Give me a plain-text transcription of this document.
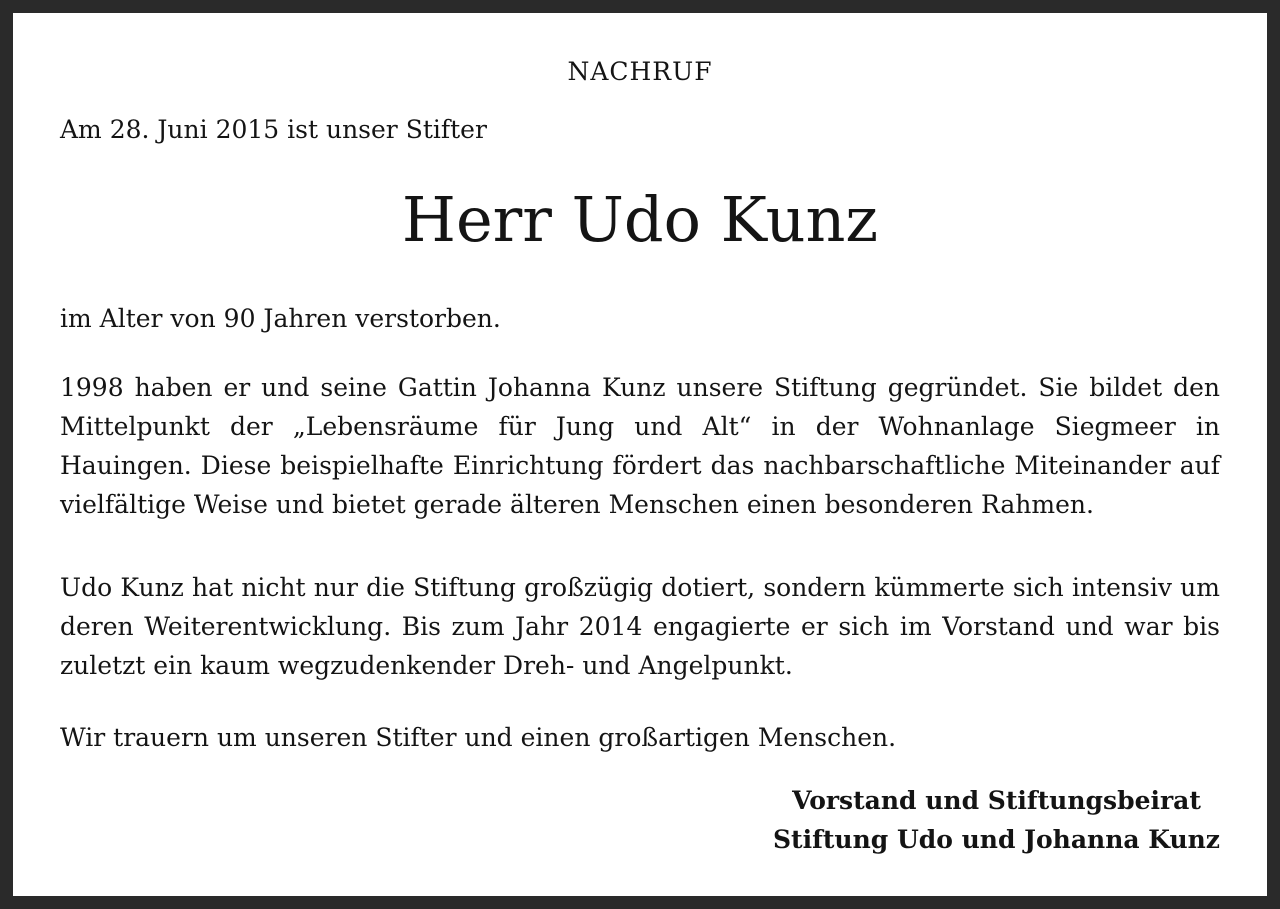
NACHRUF

Am 28. Juni 2015 ist unser Stifter

Herr Udo Kunz

im Alter von 90 Jahren verstorben.

1998 haben er und seine Gattin Johanna Kunz unsere Stiftung gegründet. Sie bildet den Mittelpunkt der „Lebensräume für Jung und Alt“ in der Wohnanlage Siegmeer in Hauingen. Diese beispielhafte Einrichtung fördert das nachbarschaftliche Miteinander auf vielfältige Weise und bietet gerade älteren Menschen einen besonderen Rahmen.

Udo Kunz hat nicht nur die Stiftung großzügig dotiert, sondern kümmerte sich intensiv um deren Weiterentwicklung. Bis zum Jahr 2014 engagierte er sich im Vorstand und war bis zuletzt ein kaum wegzudenkender Dreh- und Angelpunkt.

Wir trauern um unseren Stifter und einen großartigen Menschen.

Vorstand und Stiftungsbeirat
Stiftung Udo und Johanna Kunz
